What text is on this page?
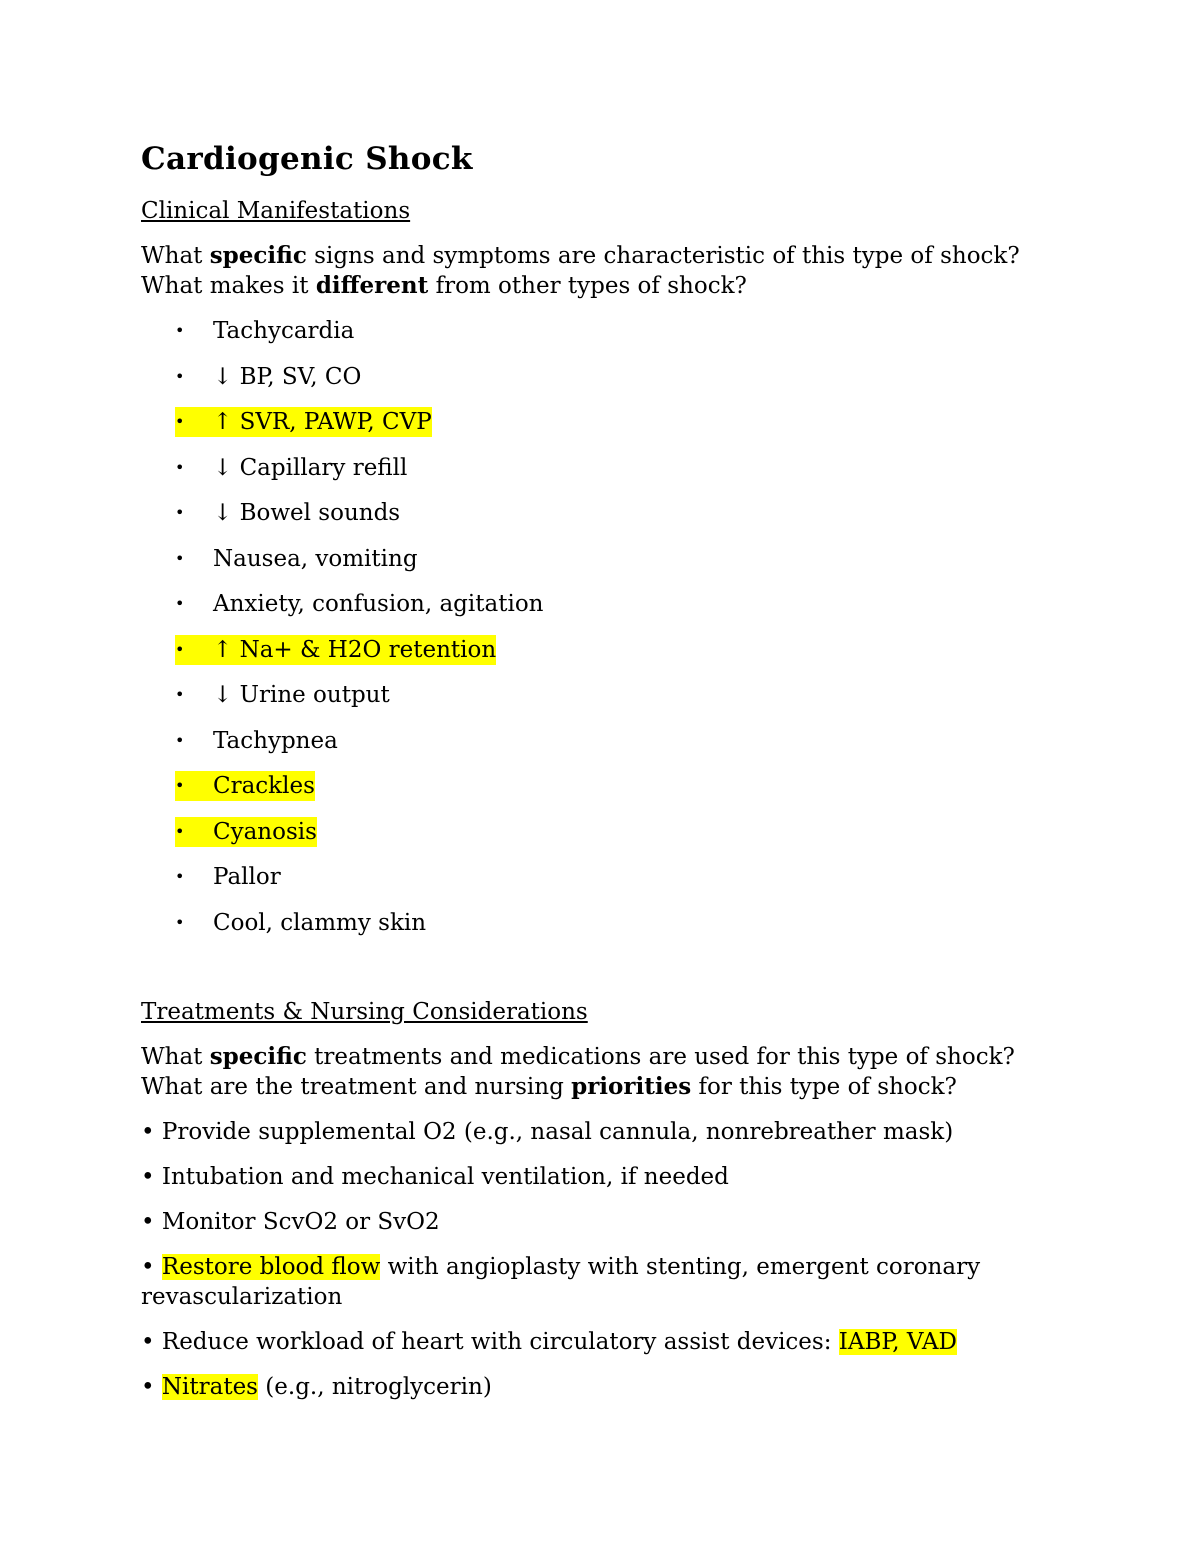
Cardiogenic Shock
Clinical Manifestations
What specific signs and symptoms are characteristic of this type of shock?
What makes it different from other types of shock?
• Tachycardia
• ↓ BP, SV, CO
• ↑ SVR, PAWP, CVP
• ↓ Capillary refill
• ↓ Bowel sounds
• Nausea, vomiting
• Anxiety, confusion, agitation
• ↑ Na+ & H2O retention
• ↓ Urine output
• Tachypnea
• Crackles
• Cyanosis
• Pallor
• Cool, clammy skin
Treatments & Nursing Considerations
What specific treatments and medications are used for this type of shock?
What are the treatment and nursing priorities for this type of shock?
• Provide supplemental O2 (e.g., nasal cannula, nonrebreather mask)
• Intubation and mechanical ventilation, if needed
• Monitor ScvO2 or SvO2
• Restore blood flow with angioplasty with stenting, emergent coronary
revascularization
• Reduce workload of heart with circulatory assist devices: IABP, VAD
• Nitrates (e.g., nitroglycerin)
